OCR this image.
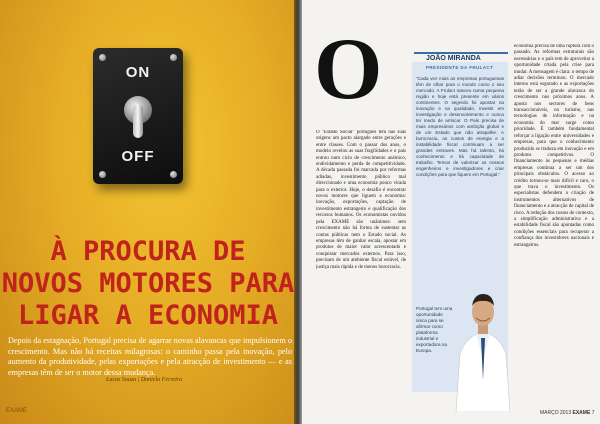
ON
OFF
À PROCURA DE
NOVOS MOTORES PARA
LIGAR A ECONOMIA
Depois da estagnação, Portugal precisa de agarrar novas alavancas que impulsionem o crescimento. Mas não há receitas milagrosas: o caminho passa pela inovação, pelo aumento da produtividade, pelas exportações e pela atracção de investimento — e as empresas têm de ser o motor dessa mudança.
Lucas Souza | Daniela Ferreira
EXAME
O
O "Estado Social" português tem nas suas origens um pacto alargado entre gerações e entre classes. Com o passar dos anos, o modelo revelou as suas fragilidades e o país entrou num ciclo de crescimento anémico, endividamento e perda de competitividade. A década passada foi marcada por reformas adiadas, investimento público mal direccionado e uma economia pouco virada para o exterior. Hoje, o desafio é encontrar novos motores que liguem a economia: inovação, exportações, captação de investimento estrangeiro e qualificação dos recursos humanos. Os economistas ouvidos pela EXAME são unânimes: sem crescimento não há forma de sustentar as contas públicas nem o Estado social. As empresas têm de ganhar escala, apostar em produtos de maior valor acrescentado e conquistar mercados externos. Para isso, precisam de um ambiente fiscal estável, de justiça mais rápida e de menos burocracia.
JOÃO MIRANDA
PRESIDENTE DA FRULACT
"Cada vez mais as empresas portuguesas têm de olhar para o mundo como o seu mercado. A Frulact nasceu numa pequena região e hoje está presente em vários continentes. O segredo foi apostar na inovação e na qualidade, investir em investigação e desenvolvimento e nunca ter medo de arriscar. O País precisa de mais empresários com ambição global e de um Estado que não atrapalhe. A burocracia, os custos de energia e a instabilidade fiscal continuam a ser grandes entraves. Mas há talento, há conhecimento e há capacidade de trabalho. Temos de valorizar os nossos engenheiros e investigadores e criar condições para que fiquem em Portugal."
Portugal tem uma oportunidade única para se afirmar como plataforma industrial e exportadora na Europa.
economia precisa de uma ruptura com o passado. As reformas estruturais são necessárias e o país tem de aproveitar a oportunidade criada pela crise para mudar. A mensagem é clara: o tempo de adiar decisões terminou. O mercado interno está esgotado e as exportações terão de ser a grande alavanca do crescimento nos próximos anos. A aposta nos sectores de bens transaccionáveis, no turismo, nas tecnologias de informação e na economia do mar surge como prioridade. É também fundamental reforçar a ligação entre universidades e empresas, para que o conhecimento produzido se traduza em inovação e em produtos competitivos. O financiamento às pequenas e médias empresas continua a ser um dos principais obstáculos. O acesso ao crédito tornou-se mais difícil e caro, o que trava o investimento. Os especialistas defendem a criação de instrumentos alternativos de financiamento e a atracção de capital de risco. A redução dos custos de contexto, a simplificação administrativa e a estabilidade fiscal são apontadas como condições essenciais para recuperar a confiança dos investidores nacionais e estrangeiros.
MARÇO 2013 EXAME 7
